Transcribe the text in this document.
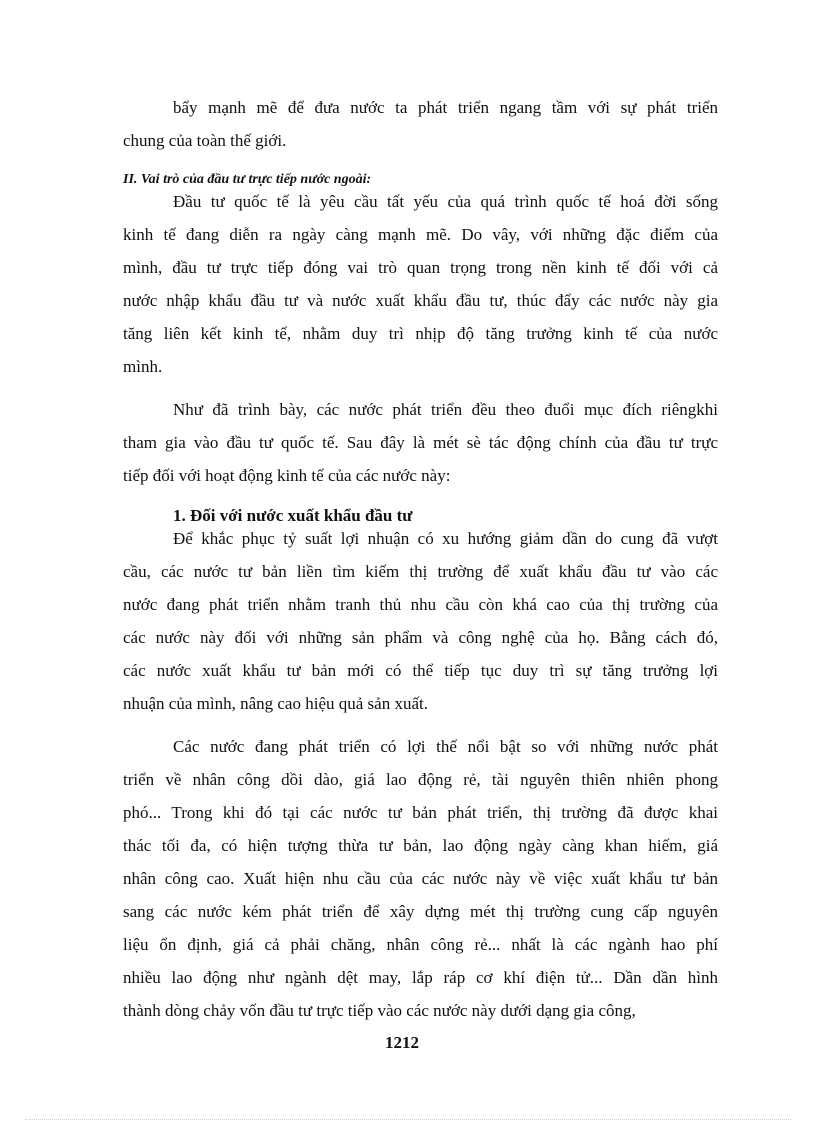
bẩy mạnh mẽ để đưa nước ta phát triển ngang tầm với sự phát triển
chung của toàn thế giới.
II. Vai trò của đầu tư trực tiếp nước ngoài:
Đầu tư quốc tế là yêu cầu tất yếu của quá trình quốc tế hoá đời sống
kinh tế đang diễn ra ngày càng mạnh mẽ. Do vây, với những đặc điểm của
mình, đầu tư trực tiếp đóng vai trò quan trọng trong nền kinh tế đối với cả
nước nhập khẩu đầu tư và nước xuất khẩu đầu tư, thúc đẩy các nước này gia
tăng liên kết kinh tế, nhằm duy trì nhịp độ tăng trưởng kinh tế của nước
mình.
Như đã trình bày, các nước phát triển đều theo đuổi mục đích riêngkhi
tham gia vào đầu tư quốc tế. Sau đây là mét sè tác động chính của đầu tư trực
tiếp đối với hoạt động kinh tế của các nước này:
1. Đối với nước xuất khẩu đầu tư
Để khắc phục tỷ suất lợi nhuận có xu hướng giảm dần do cung đã vượt
cầu, các nước tư bản liền tìm kiếm thị trường để xuất khẩu đầu tư vào các
nước đang phát triển nhằm tranh thủ nhu cầu còn khá cao của thị trường của
các nước này đối với những sản phẩm và công nghệ của họ. Bằng cách đó,
các nước xuất khẩu tư bản mới có thể tiếp tục duy trì sự tăng trưởng lợi
nhuận của mình, nâng cao hiệu quả sản xuất.
Các nước đang phát triển có lợi thế nổi bật so với những nước phát
triển về nhân công dồi dào, giá lao động rẻ, tài nguyên thiên nhiên phong
phó... Trong khi đó tại các nước tư bản phát triển, thị trường đã được khai
thác tối đa, có hiện tượng thừa tư bản, lao động ngày càng khan hiếm, giá
nhân công cao. Xuất hiện nhu cầu của các nước này về việc xuất khẩu tư bản
sang các nước kém phát triển để xây dựng mét thị trường cung cấp nguyên
liệu ổn định, giá cả phải chăng, nhân công rẻ... nhất là các ngành hao phí
nhiều lao động như ngành dệt may, lắp ráp cơ khí điện tử... Dần dần hình
thành dòng chảy vốn đầu tư trực tiếp vào các nước này dưới dạng gia công,
1212
